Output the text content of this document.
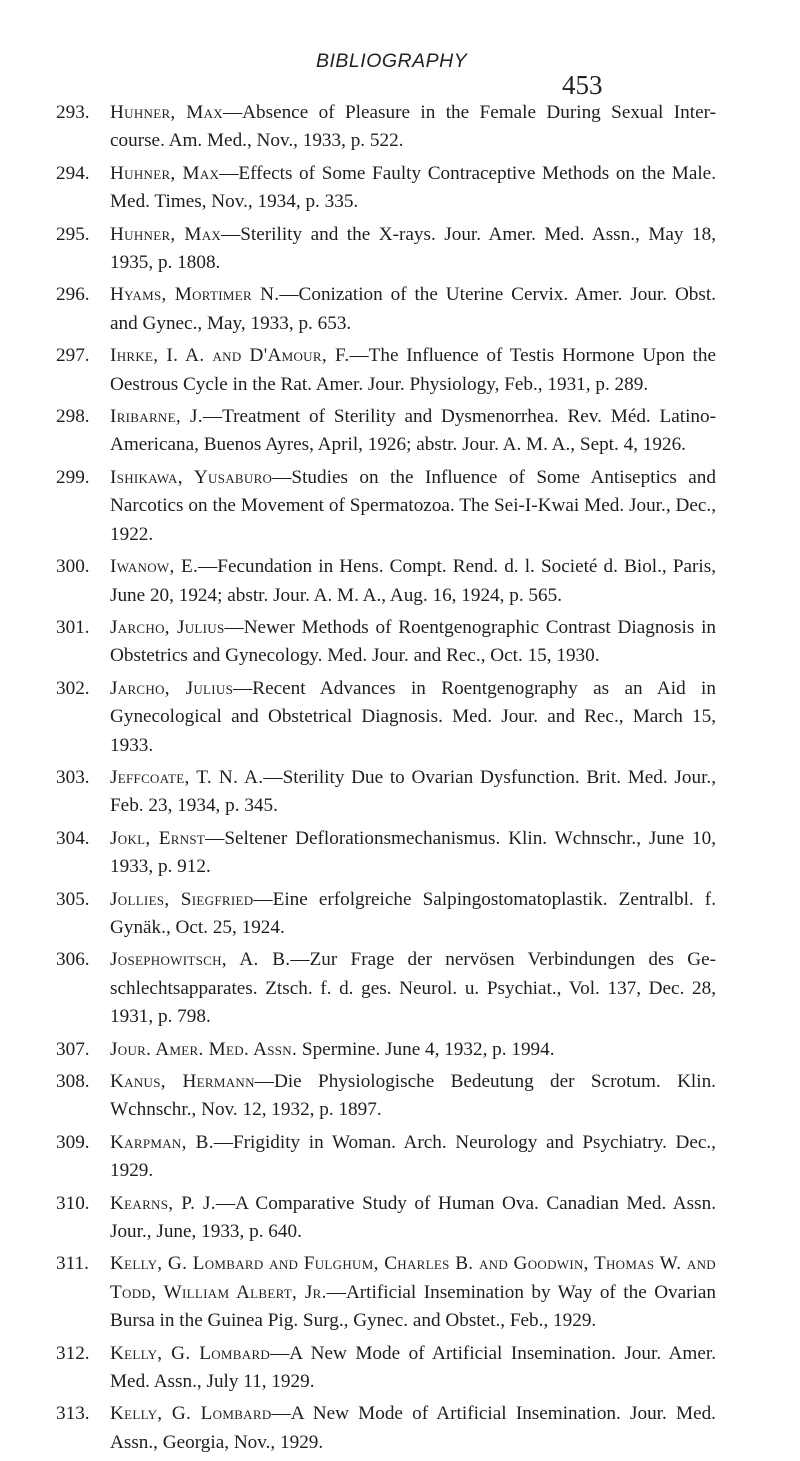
BIBLIOGRAPHY
453
293.	Huhner, Max—Absence of Pleasure in the Female During Sexual Inter-course. Am. Med., Nov., 1933, p. 522.
294.	Huhner, Max—Effects of Some Faulty Contraceptive Methods on the Male. Med. Times, Nov., 1934, p. 335.
295.	Huhner, Max—Sterility and the X-rays. Jour. Amer. Med. Assn., May 18, 1935, p. 1808.
296.	Hyams, Mortimer N.—Conization of the Uterine Cervix. Amer. Jour. Obst. and Gynec., May, 1933, p. 653.
297.	Ihrke, I. A. and D'Amour, F.—The Influence of Testis Hormone Upon the Oestrous Cycle in the Rat. Amer. Jour. Physiology, Feb., 1931, p. 289.
298.	Iribarne, J.—Treatment of Sterility and Dysmenorrhea. Rev. Méd. Latino-Americana, Buenos Ayres, April, 1926; abstr. Jour. A. M. A., Sept. 4, 1926.
299.	Ishikawa, Yusaburo—Studies on the Influence of Some Antiseptics and Narcotics on the Movement of Spermatozoa. The Sei-I-Kwai Med. Jour., Dec., 1922.
300.	Iwanow, E.—Fecundation in Hens. Compt. Rend. d. l. Societé d. Biol., Paris, June 20, 1924; abstr. Jour. A. M. A., Aug. 16, 1924, p. 565.
301.	Jarcho, Julius—Newer Methods of Roentgenographic Contrast Diagnosis in Obstetrics and Gynecology. Med. Jour. and Rec., Oct. 15, 1930.
302.	Jarcho, Julius—Recent Advances in Roentgenography as an Aid in Gynecological and Obstetrical Diagnosis. Med. Jour. and Rec., March 15, 1933.
303.	Jeffcoate, T. N. A.—Sterility Due to Ovarian Dysfunction. Brit. Med. Jour., Feb. 23, 1934, p. 345.
304.	Jokl, Ernst—Seltener Deflorationsmechanismus. Klin. Wchnschr., June 10, 1933, p. 912.
305.	Jollies, Siegfried—Eine erfolgreiche Salpingostomatoplastik. Zentralbl. f. Gynäk., Oct. 25, 1924.
306.	Josephowitsch, A. B.—Zur Frage der nervösen Verbindungen des Ge-schlechtsapparates. Ztsch. f. d. ges. Neurol. u. Psychiat., Vol. 137, Dec. 28, 1931, p. 798.
307.	Jour. Amer. Med. Assn. Spermine. June 4, 1932, p. 1994.
308.	Kanus, Hermann—Die Physiologische Bedeutung der Scrotum. Klin. Wchnschr., Nov. 12, 1932, p. 1897.
309.	Karpman, B.—Frigidity in Woman. Arch. Neurology and Psychiatry. Dec., 1929.
310.	Kearns, P. J.—A Comparative Study of Human Ova. Canadian Med. Assn. Jour., June, 1933, p. 640.
311.	Kelly, G. Lombard and Fulghum, Charles B. and Goodwin, Thomas W. and Todd, William Albert, Jr.—Artificial Insemination by Way of the Ovarian Bursa in the Guinea Pig. Surg., Gynec. and Obstet., Feb., 1929.
312.	Kelly, G. Lombard—A New Mode of Artificial Insemination. Jour. Amer. Med. Assn., July 11, 1929.
313.	Kelly, G. Lombard—A New Mode of Artificial Insemination. Jour. Med. Assn., Georgia, Nov., 1929.
